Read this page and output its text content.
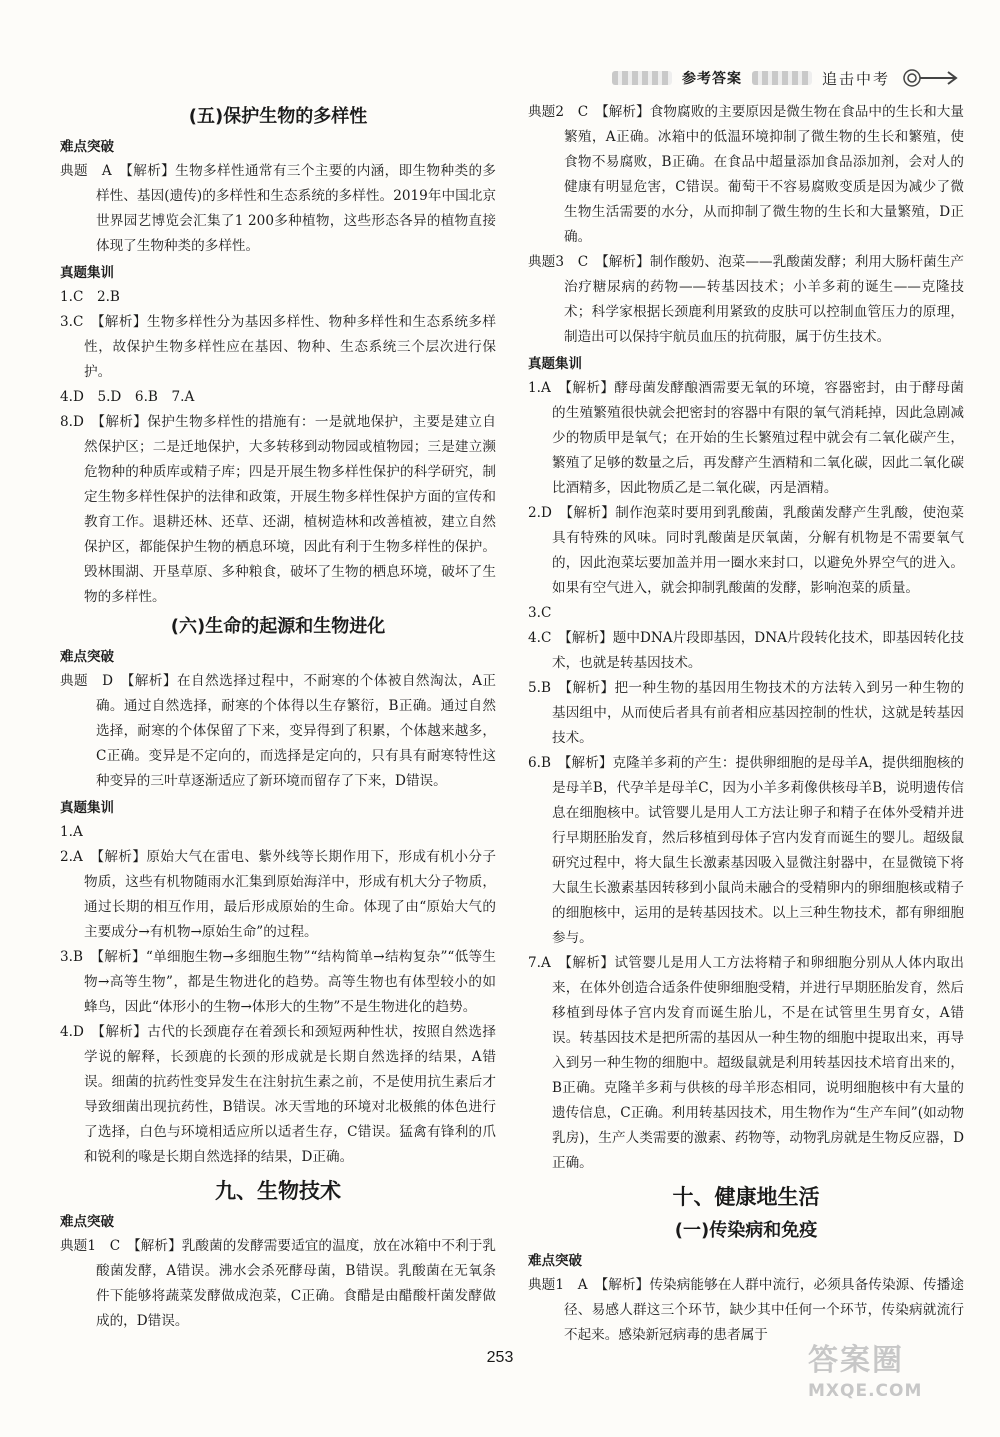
参考答案	追击中考
(五)保护生物的多样性
难点突破
典题　A　【解析】生物多样性通常有三个主要的内涵，即生物种类的多样性、基因(遗传)的多样性和生态系统的多样性。2019年中国北京世界园艺博览会汇集了1 200多种植物，这些形态各异的植物直接体现了生物种类的多样性。
真题集训
1.C　2.B
3.C　【解析】生物多样性分为基因多样性、物种多样性和生态系统多样性，故保护生物多样性应在基因、物种、生态系统三个层次进行保护。
4.D　5.D　6.B　7.A
8.D　【解析】保护生物多样性的措施有：一是就地保护，主要是建立自然保护区；二是迁地保护，大多转移到动物园或植物园；三是建立濒危物种的种质库或精子库；四是开展生物多样性保护的科学研究，制定生物多样性保护的法律和政策，开展生物多样性保护方面的宣传和教育工作。退耕还林、还草、还湖，植树造林和改善植被，建立自然保护区，都能保护生物的栖息环境，因此有利于生物多样性的保护。毁林围湖、开垦草原、多种粮食，破坏了生物的栖息环境，破坏了生物的多样性。
(六)生命的起源和生物进化
难点突破
典题　D　【解析】在自然选择过程中，不耐寒的个体被自然淘汰，A正确。通过自然选择，耐寒的个体得以生存繁衍，B正确。通过自然选择，耐寒的个体保留了下来，变异得到了积累，个体越来越多，C正确。变异是不定向的，而选择是定向的，只有具有耐寒特性这种变异的三叶草逐渐适应了新环境而留存了下来，D错误。
真题集训
1.A
2.A　【解析】原始大气在雷电、紫外线等长期作用下，形成有机小分子物质，这些有机物随雨水汇集到原始海洋中，形成有机大分子物质，通过长期的相互作用，最后形成原始的生命。体现了由“原始大气的主要成分→有机物→原始生命”的过程。
3.B　【解析】“单细胞生物→多细胞生物”“结构简单→结构复杂”“低等生物→高等生物”，都是生物进化的趋势。高等生物也有体型较小的如蜂鸟，因此“体形小的生物→体形大的生物”不是生物进化的趋势。
4.D　【解析】古代的长颈鹿存在着颈长和颈短两种性状，按照自然选择学说的解释，长颈鹿的长颈的形成就是长期自然选择的结果，A错误。细菌的抗药性变异发生在注射抗生素之前，不是使用抗生素后才导致细菌出现抗药性，B错误。冰天雪地的环境对北极熊的体色进行了选择，白色与环境相适应所以适者生存，C错误。猛禽有锋利的爪和锐利的喙是长期自然选择的结果，D正确。
九、生物技术
难点突破
典题1　C　【解析】乳酸菌的发酵需要适宜的温度，放在冰箱中不利于乳酸菌发酵，A错误。沸水会杀死酵母菌，B错误。乳酸菌在无氧条件下能够将蔬菜发酵做成泡菜，C正确。食醋是由醋酸杆菌发酵做成的，D错误。
典题2　C　【解析】食物腐败的主要原因是微生物在食品中的生长和大量繁殖，A正确。冰箱中的低温环境抑制了微生物的生长和繁殖，使食物不易腐败，B正确。在食品中超量添加食品添加剂，会对人的健康有明显危害，C错误。葡萄干不容易腐败变质是因为减少了微生物生活需要的水分，从而抑制了微生物的生长和大量繁殖，D正确。
典题3　C　【解析】制作酸奶、泡菜——乳酸菌发酵；利用大肠杆菌生产治疗糖尿病的药物——转基因技术；小羊多莉的诞生——克隆技术；科学家根据长颈鹿利用紧致的皮肤可以控制血管压力的原理，制造出可以保持宇航员血压的抗荷服，属于仿生技术。
真题集训
1.A　【解析】酵母菌发酵酿酒需要无氧的环境，容器密封，由于酵母菌的生殖繁殖很快就会把密封的容器中有限的氧气消耗掉，因此急剧减少的物质甲是氧气；在开始的生长繁殖过程中就会有二氧化碳产生，繁殖了足够的数量之后，再发酵产生酒精和二氧化碳，因此二氧化碳比酒精多，因此物质乙是二氧化碳，丙是酒精。
2.D　【解析】制作泡菜时要用到乳酸菌，乳酸菌发酵产生乳酸，使泡菜具有特殊的风味。同时乳酸菌是厌氧菌，分解有机物是不需要氧气的，因此泡菜坛要加盖并用一圈水来封口，以避免外界空气的进入。如果有空气进入，就会抑制乳酸菌的发酵，影响泡菜的质量。
3.C
4.C　【解析】题中DNA片段即基因，DNA片段转化技术，即基因转化技术，也就是转基因技术。
5.B　【解析】把一种生物的基因用生物技术的方法转入到另一种生物的基因组中，从而使后者具有前者相应基因控制的性状，这就是转基因技术。
6.B　【解析】克隆羊多莉的产生：提供卵细胞的是母羊A，提供细胞核的是母羊B，代孕羊是母羊C，因为小羊多莉像供核母羊B，说明遗传信息在细胞核中。试管婴儿是用人工方法让卵子和精子在体外受精并进行早期胚胎发育，然后移植到母体子宫内发育而诞生的婴儿。超级鼠研究过程中，将大鼠生长激素基因吸入显微注射器中，在显微镜下将大鼠生长激素基因转移到小鼠尚未融合的受精卵内的卵细胞核或精子的细胞核中，运用的是转基因技术。以上三种生物技术，都有卵细胞参与。
7.A　【解析】试管婴儿是用人工方法将精子和卵细胞分别从人体内取出来，在体外创造合适条件使卵细胞受精，并进行早期胚胎发育，然后移植到母体子宫内发育而诞生胎儿，不是在试管里生男育女，A错误。转基因技术是把所需的基因从一种生物的细胞中提取出来，再导入到另一种生物的细胞中。超级鼠就是利用转基因技术培育出来的，B正确。克隆羊多莉与供核的母羊形态相同，说明细胞核中有大量的遗传信息，C正确。利用转基因技术，用生物作为“生产车间”(如动物乳房)，生产人类需要的激素、药物等，动物乳房就是生物反应器，D正确。
十、健康地生活
(一)传染病和免疫
难点突破
典题1　A　【解析】传染病能够在人群中流行，必须具备传染源、传播途径、易感人群这三个环节，缺少其中任何一个环节，传染病就流行不起来。感染新冠病毒的患者属于
253	答案圈
MXQE.COM
